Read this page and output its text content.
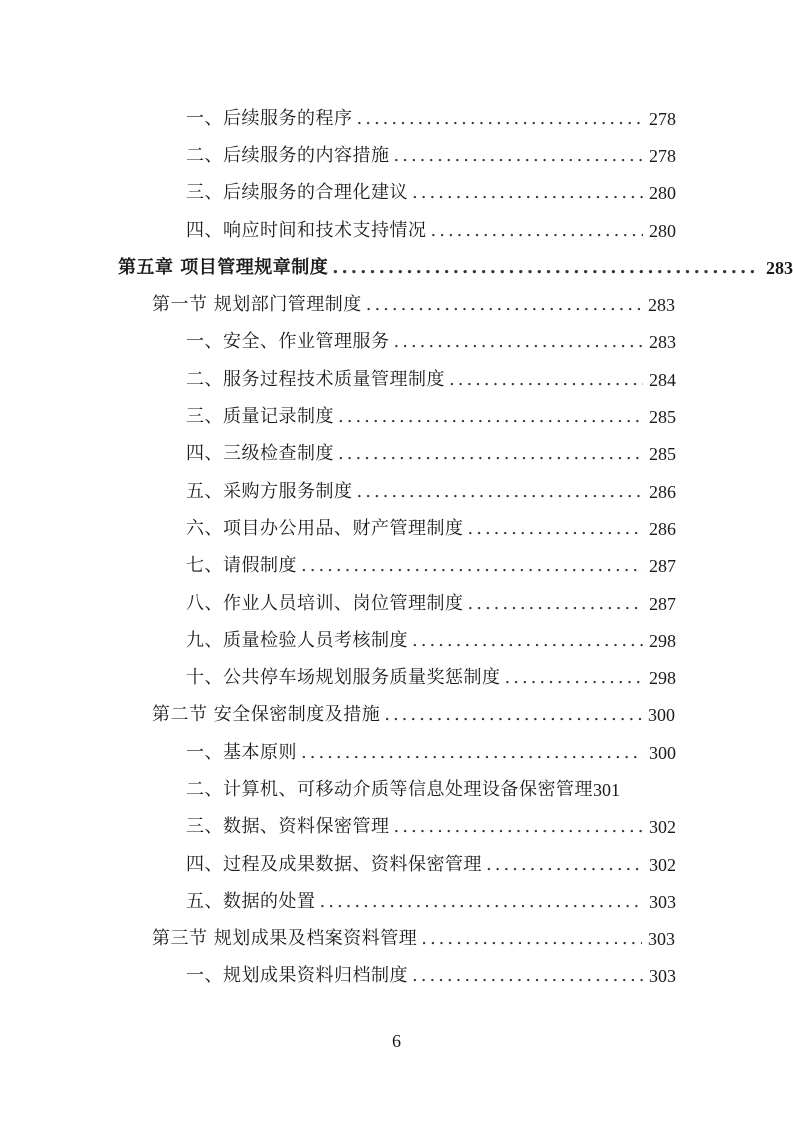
一、后续服务的程序 .....	278
二、后续服务的内容措施 .....	278
三、后续服务的合理化建议 .....	280
四、响应时间和技术支持情况 .....	280
第五章 项目管理规章制度 .....	283
第一节 规划部门管理制度 .....	283
一、安全、作业管理服务 .....	283
二、服务过程技术质量管理制度 .....	284
三、质量记录制度 .....	285
四、三级检查制度 .....	285
五、采购方服务制度 .....	286
六、项目办公用品、财产管理制度 .....	286
七、请假制度 .....	287
八、作业人员培训、岗位管理制度 .....	287
九、质量检验人员考核制度 .....	298
十、公共停车场规划服务质量奖惩制度 .....	298
第二节 安全保密制度及措施 .....	300
一、基本原则 .....	300
二、计算机、可移动介质等信息处理设备保密管理 301
三、数据、资料保密管理 .....	302
四、过程及成果数据、资料保密管理 .....	302
五、数据的处置 .....	303
第三节 规划成果及档案资料管理 .....	303
一、规划成果资料归档制度 .....	303
6
